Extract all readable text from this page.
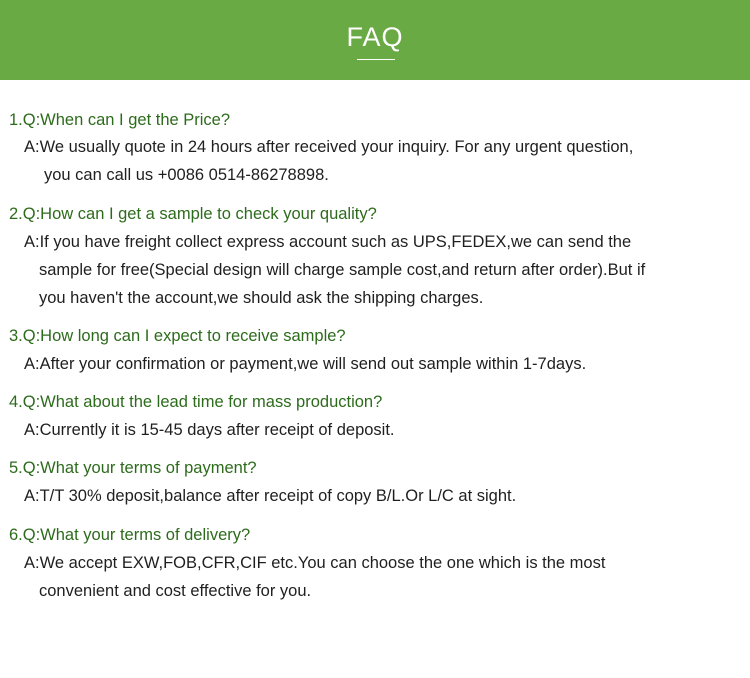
FAQ
1.Q:When can I get the Price?
A:We usually quote in 24 hours after received your inquiry. For any urgent question,
you can call us +0086 0514-86278898.
2.Q:How can I get a sample to check your quality?
A:If you have freight collect express account such as UPS,FEDEX,we can send the
sample for free(Special design will charge sample cost,and return after order).But if
you haven't the account,we should ask the shipping charges.
3.Q:How long can I expect to receive sample?
A:After your confirmation or payment,we will send out sample within 1-7days.
4.Q:What about the lead time for mass production?
A:Currently it is 15-45 days after receipt of deposit.
5.Q:What your terms of payment?
A:T/T 30% deposit,balance after receipt of copy B/L.Or L/C at sight.
6.Q:What your terms of delivery?
A:We accept EXW,FOB,CFR,CIF etc.You can choose the one which is the most
convenient and cost effective for you.
